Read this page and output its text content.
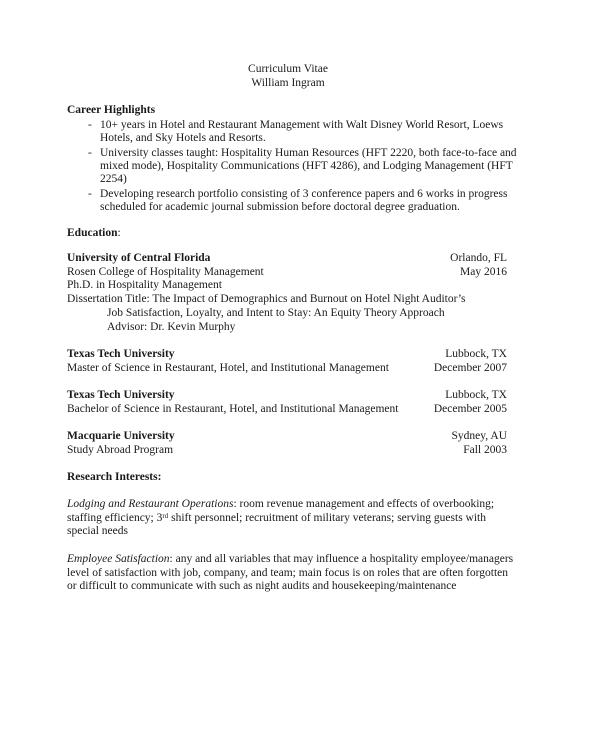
Curriculum Vitae
William Ingram
Career Highlights
- 10+ years in Hotel and Restaurant Management with Walt Disney World Resort, Loews Hotels, and Sky Hotels and Resorts.
- University classes taught: Hospitality Human Resources (HFT 2220, both face-to-face and mixed mode), Hospitality Communications (HFT 4286), and Lodging Management (HFT 2254)
- Developing research portfolio consisting of 3 conference papers and 6 works in progress scheduled for academic journal submission before doctoral degree graduation.
Education:
University of Central Florida	Orlando, FL
Rosen College of Hospitality Management	May 2016
Ph.D. in Hospitality Management
Dissertation Title: The Impact of Demographics and Burnout on Hotel Night Auditor’s
Job Satisfaction, Loyalty, and Intent to Stay: An Equity Theory Approach
Advisor: Dr. Kevin Murphy
Texas Tech University	Lubbock, TX
Master of Science in Restaurant, Hotel, and Institutional Management	December 2007
Texas Tech University	Lubbock, TX
Bachelor of Science in Restaurant, Hotel, and Institutional Management	December 2005
Macquarie University	Sydney, AU
Study Abroad Program	Fall 2003
Research Interests:
Lodging and Restaurant Operations: room revenue management and effects of overbooking; staffing efficiency; 3rd shift personnel; recruitment of military veterans; serving guests with special needs
Employee Satisfaction: any and all variables that may influence a hospitality employee/managers level of satisfaction with job, company, and team; main focus is on roles that are often forgotten or difficult to communicate with such as night audits and housekeeping/maintenance
